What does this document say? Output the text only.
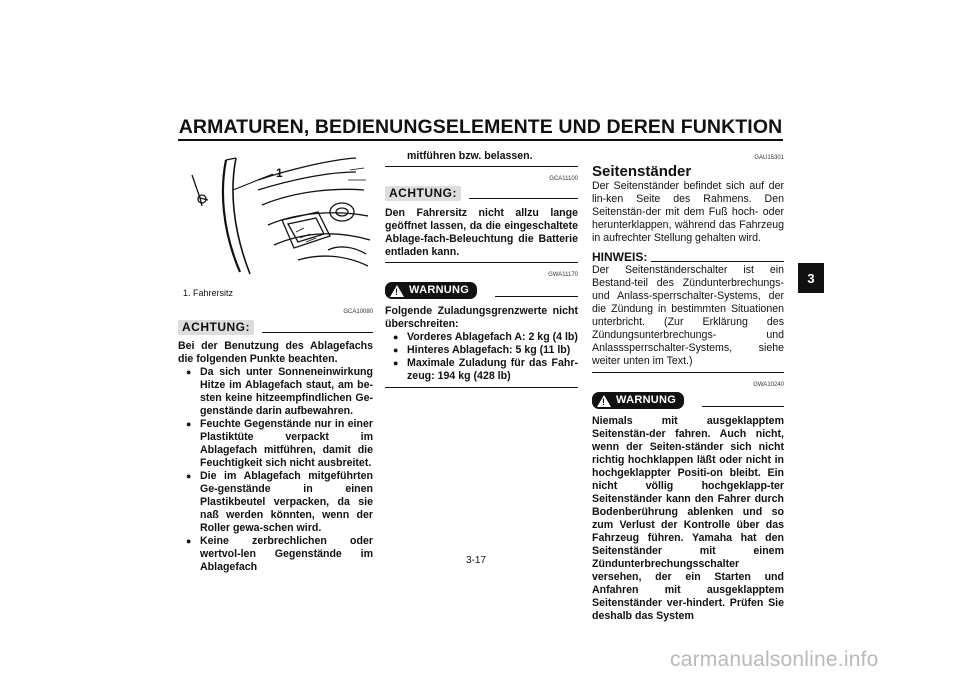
ARMATUREN, BEDIENUNGSELEMENTE UND DEREN FUNKTION
3
1
1. Fahrersitz
GCA10080
ACHTUNG:
Bei der Benutzung des Ablagefachs die folgenden Punkte beachten.
●
Da sich unter Sonneneinwirkung Hitze im Ablagefach staut, am be-sten keine hitzeempfindlichen Ge-genstände darin aufbewahren.
●
Feuchte Gegenstände nur in einer Plastiktüte verpackt im Ablagefach mitführen, damit die Feuchtigkeit sich nicht ausbreitet.
●
Die im Ablagefach mitgeführten Ge-genstände in einen Plastikbeutel verpacken, da sie naß werden könnten, wenn der Roller gewa-schen wird.
●
Keine zerbrechlichen oder wertvol-len Gegenstände im Ablagefach
mitführen bzw. belassen.
GCA11100
ACHTUNG:
Den Fahrersitz nicht allzu lange geöffnet lassen, da die eingeschaltete Ablage-fach-Beleuchtung die Batterie entladen kann.
GWA11170
!
WARNUNG
Folgende Zuladungsgrenzwerte nicht überschreiten:
●
Vorderes Ablagefach A: 2 kg (4 lb)
●
Hinteres Ablagefach: 5 kg (11 lb)
●
Maximale Zuladung für das Fahr-zeug: 194 kg (428 lb)
GAU15301
Seitenständer
Der Seitenständer befindet sich auf der lin-ken Seite des Rahmens. Den Seitenstän-der mit dem Fuß hoch- oder herunterklappen, während das Fahrzeug in aufrechter Stellung gehalten wird.
HINWEIS:
Der Seitenständerschalter ist ein Bestand-teil des Zündunterbrechungs- und Anlass-sperrschalter-Systems, der die Zündung in bestimmten Situationen unterbricht. (Zur Erklärung des Zündungsunterbrechungs- und Anlasssperrschalter-Systems, siehe weiter unten im Text.)
GWA10240
!
WARNUNG
Niemals mit ausgeklapptem Seitenstän-der fahren. Auch nicht, wenn der Seiten-ständer sich nicht richtig hochklappen läßt oder nicht in hochgeklappter Positi-on bleibt. Ein nicht völlig hochgeklapp-ter Seitenständer kann den Fahrer durch Bodenberührung ablenken und so zum Verlust der Kontrolle über das Fahrzeug führen. Yamaha hat den Seitenständer mit einem Zündunterbrechungsschalter versehen, der ein Starten und Anfahren mit ausgeklapptem Seitenständer ver-hindert. Prüfen Sie deshalb das System
3-17
carmanualsonline.info
